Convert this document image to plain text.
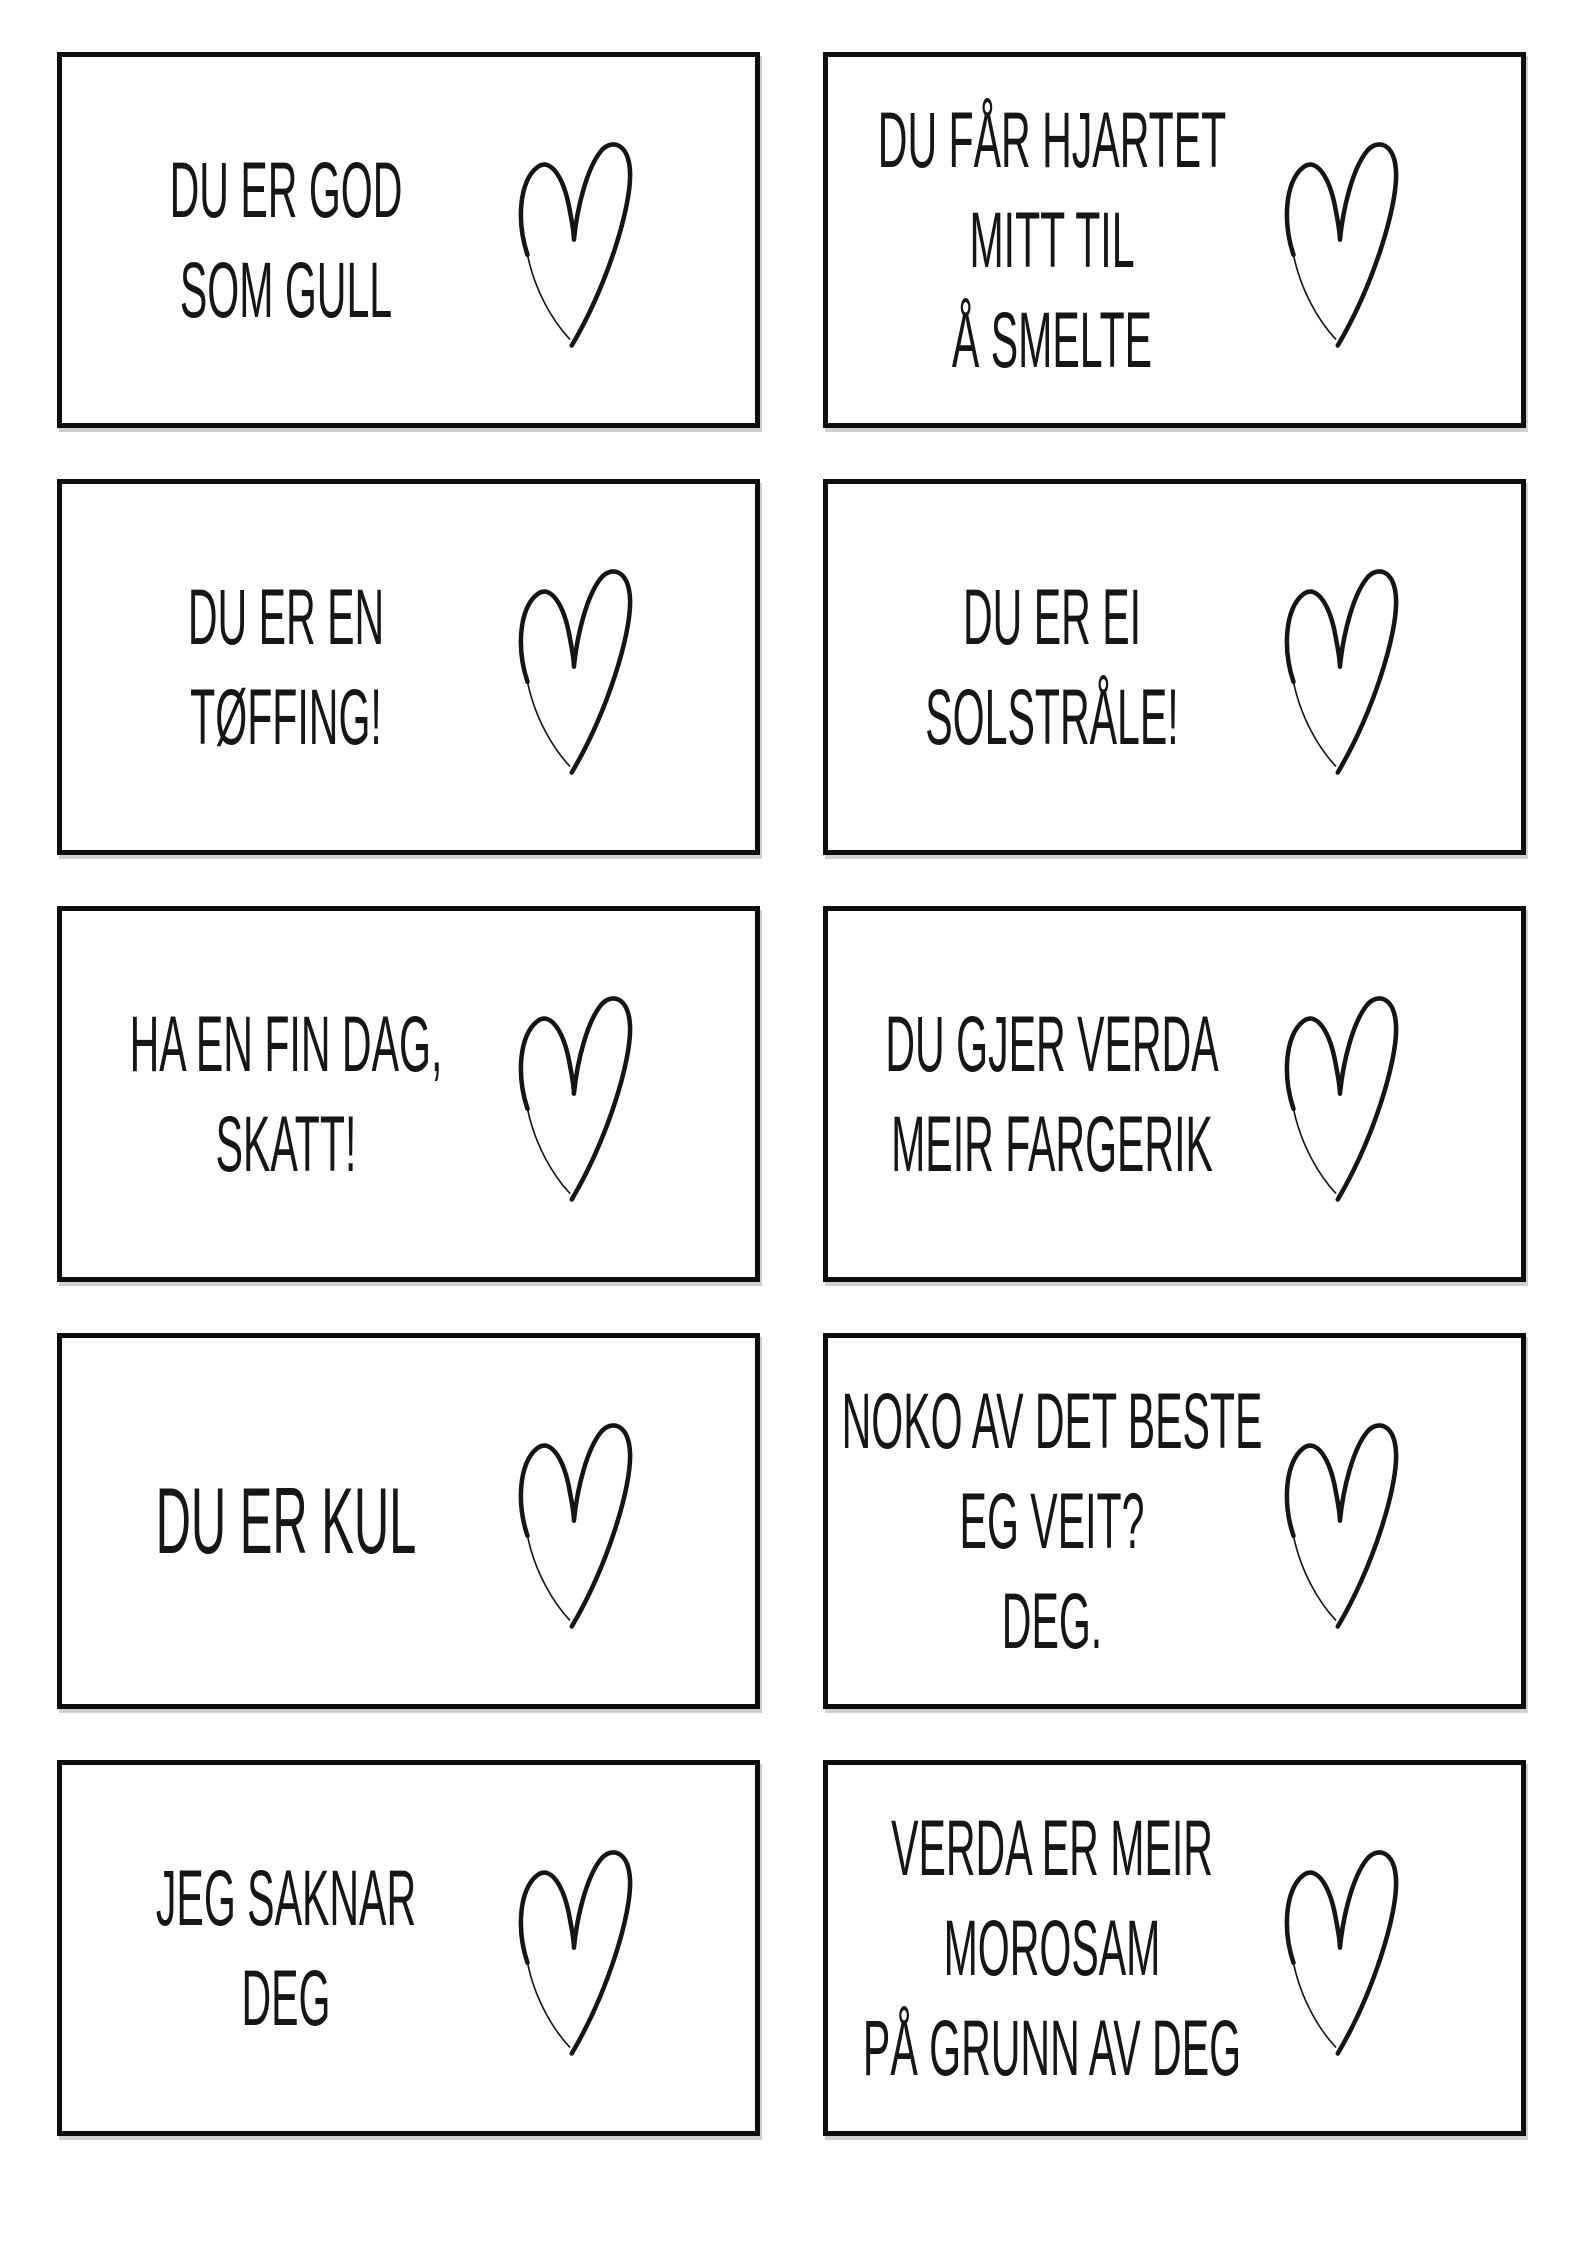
DU ER GOD
SOM GULL
DU FÅR HJARTET
MITT TIL
Å SMELTE
DU ER EN
TØFFING!
DU ER EI
SOLSTRÅLE!
HA EN FIN DAG,
SKATT!
DU GJER VERDA
MEIR FARGERIK
DU ER KUL
NOKO AV DET BESTE
EG VEIT?
DEG.
JEG SAKNAR
DEG
VERDA ER MEIR
MOROSAM
PÅ GRUNN AV DEG
